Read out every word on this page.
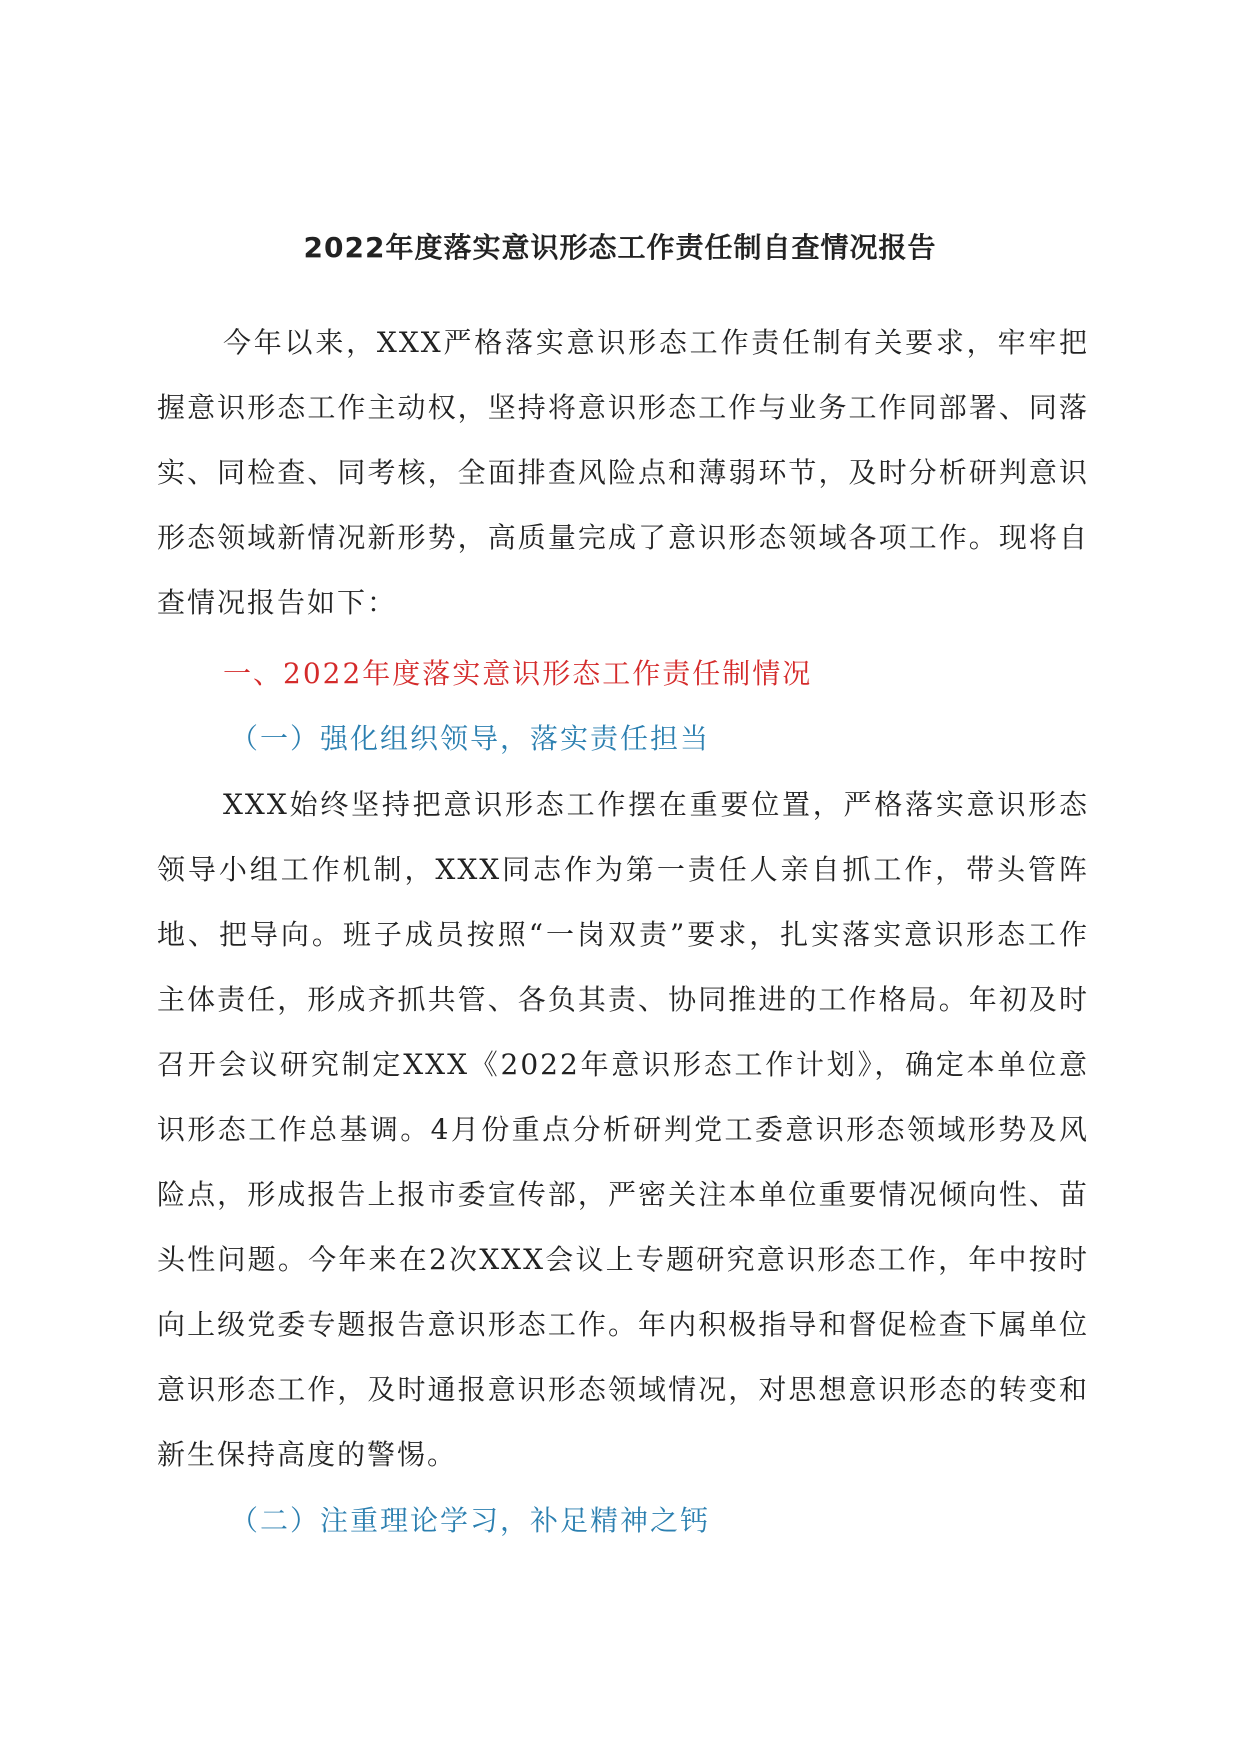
2022年度落实意识形态工作责任制自查情况报告

今年以来，XXX严格落实意识形态工作责任制有关要求，牢牢把握意识形态工作主动权，坚持将意识形态工作与业务工作同部署、同落实、同检查、同考核，全面排查风险点和薄弱环节，及时分析研判意识形态领域新情况新形势，高质量完成了意识形态领域各项工作。现将自查情况报告如下：

一、2022年度落实意识形态工作责任制情况

（一）强化组织领导，落实责任担当

XXX始终坚持把意识形态工作摆在重要位置，严格落实意识形态领导小组工作机制，XXX同志作为第一责任人亲自抓工作，带头管阵地、把导向。班子成员按照“一岗双责”要求，扎实落实意识形态工作主体责任，形成齐抓共管、各负其责、协同推进的工作格局。年初及时召开会议研究制定XXX《2022年意识形态工作计划》，确定本单位意识形态工作总基调。4月份重点分析研判党工委意识形态领域形势及风险点，形成报告上报市委宣传部，严密关注本单位重要情况倾向性、苗头性问题。今年来在2次XXX会议上专题研究意识形态工作，年中按时向上级党委专题报告意识形态工作。年内积极指导和督促检查下属单位意识形态工作，及时通报意识形态领域情况，对思想意识形态的转变和新生保持高度的警惕。

（二）注重理论学习，补足精神之钙
